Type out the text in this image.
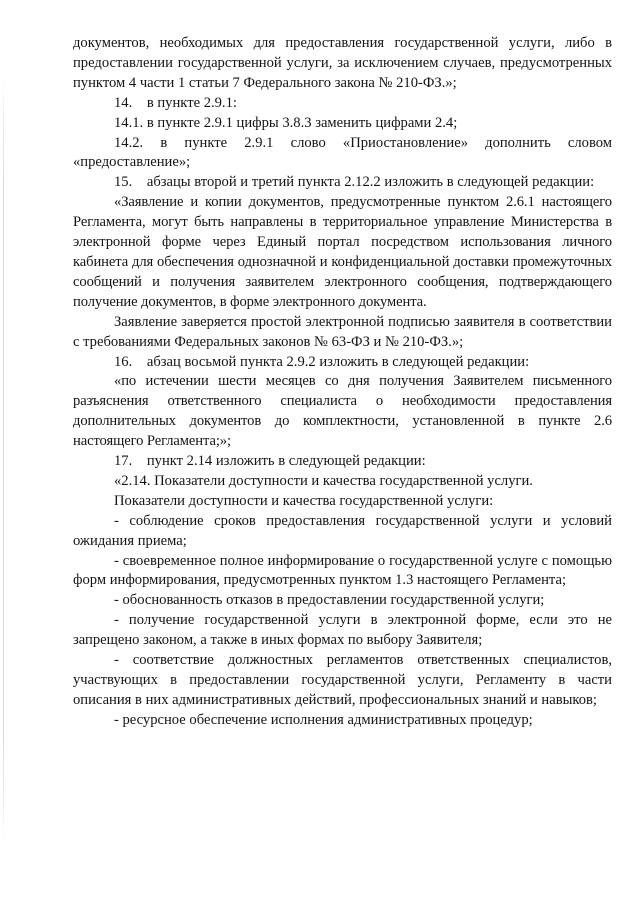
документов, необходимых для предоставления государственной услуги, либо в предоставлении государственной услуги, за исключением случаев, предусмотренных пунктом 4 части 1 статьи 7 Федерального закона № 210-ФЗ.»;

14. в пункте 2.9.1:

14.1. в пункте 2.9.1 цифры 3.8.3 заменить цифрами 2.4;

14.2. в пункте 2.9.1 слово «Приостановление» дополнить словом «предоставление»;

15. абзацы второй и третий пункта 2.12.2 изложить в следующей редакции:

«Заявление и копии документов, предусмотренные пунктом 2.6.1 настоящего Регламента, могут быть направлены в территориальное управление Министерства в электронной форме через Единый портал посредством использования личного кабинета для обеспечения однозначной и конфиденциальной доставки промежуточных сообщений и получения заявителем электронного сообщения, подтверждающего получение документов, в форме электронного документа.

Заявление заверяется простой электронной подписью заявителя в соответствии с требованиями Федеральных законов № 63-ФЗ и № 210-ФЗ.»;

16. абзац восьмой пункта 2.9.2 изложить в следующей редакции:

«по истечении шести месяцев со дня получения Заявителем письменного разъяснения ответственного специалиста о необходимости предоставления дополнительных документов до комплектности, установленной в пункте 2.6 настоящего Регламента;»;

17. пункт 2.14 изложить в следующей редакции:

«2.14. Показатели доступности и качества государственной услуги.

Показатели доступности и качества государственной услуги:

- соблюдение сроков предоставления государственной услуги и условий ожидания приема;

- своевременное полное информирование о государственной услуге с помощью форм информирования, предусмотренных пунктом 1.3 настоящего Регламента;

- обоснованность отказов в предоставлении государственной услуги;

- получение государственной услуги в электронной форме, если это не запрещено законом, а также в иных формах по выбору Заявителя;

- соответствие должностных регламентов ответственных специалистов, участвующих в предоставлении государственной услуги, Регламенту в части описания в них административных действий, профессиональных знаний и навыков;

- ресурсное обеспечение исполнения административных процедур;
